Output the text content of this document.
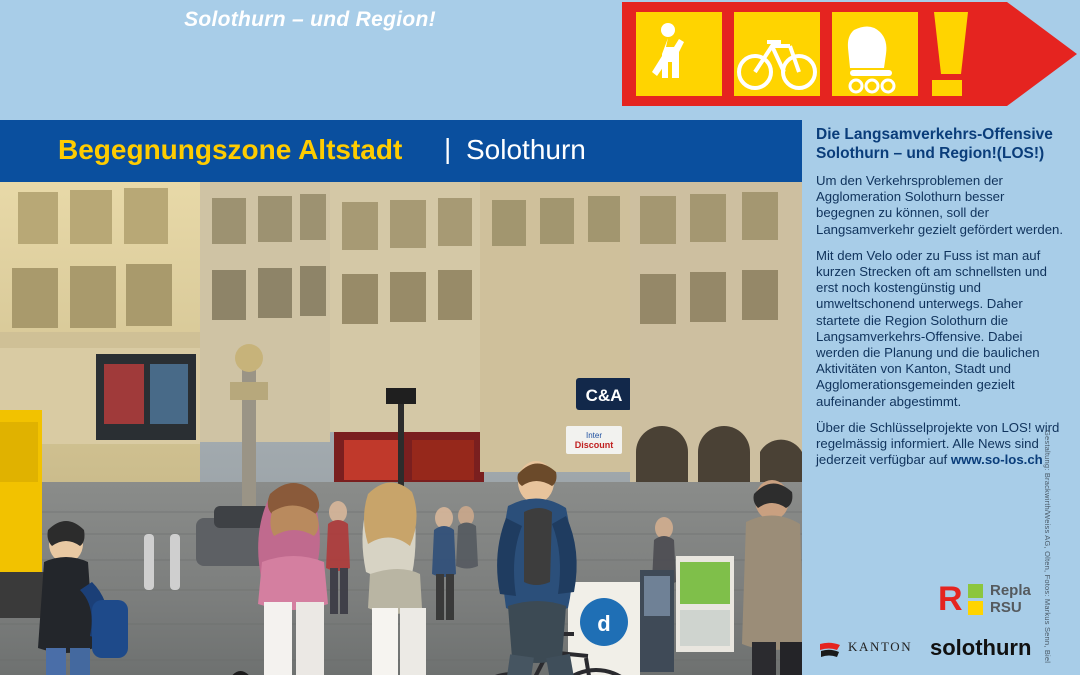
Solothurn – und Region!
Begegnungszone Altstadt | Solothurn
C&A
Inter
Discount
d
Die Langsamverkehrs-Offensive Solothurn – und Region!(LOS!)
Um den Verkehrsproblemen der Agglomeration Solothurn besser begegnen zu können, soll der Langsamverkehr gezielt gefördert werden.
Mit dem Velo oder zu Fuss ist man auf kurzen Strecken oft am schnellsten und erst noch kostengünstig und umweltschonend unterwegs. Daher startete die Region Solothurn die Langsamverkehrs-Offensive. Dabei werden die Planung und die baulichen Aktivitäten von Kanton, Stadt und Agglomerationsgemeinden gezielt aufeinander abgestimmt.
Über die Schlüsselprojekte von LOS! wird regelmässig informiert. Alle News sind jederzeit verfügbar auf www.so-los.ch
R Repla
RSU
KANTON solothurn Gestaltung: Brackwirth/Weiss AG, Olten, Fotos: Markus Senn, Biel
